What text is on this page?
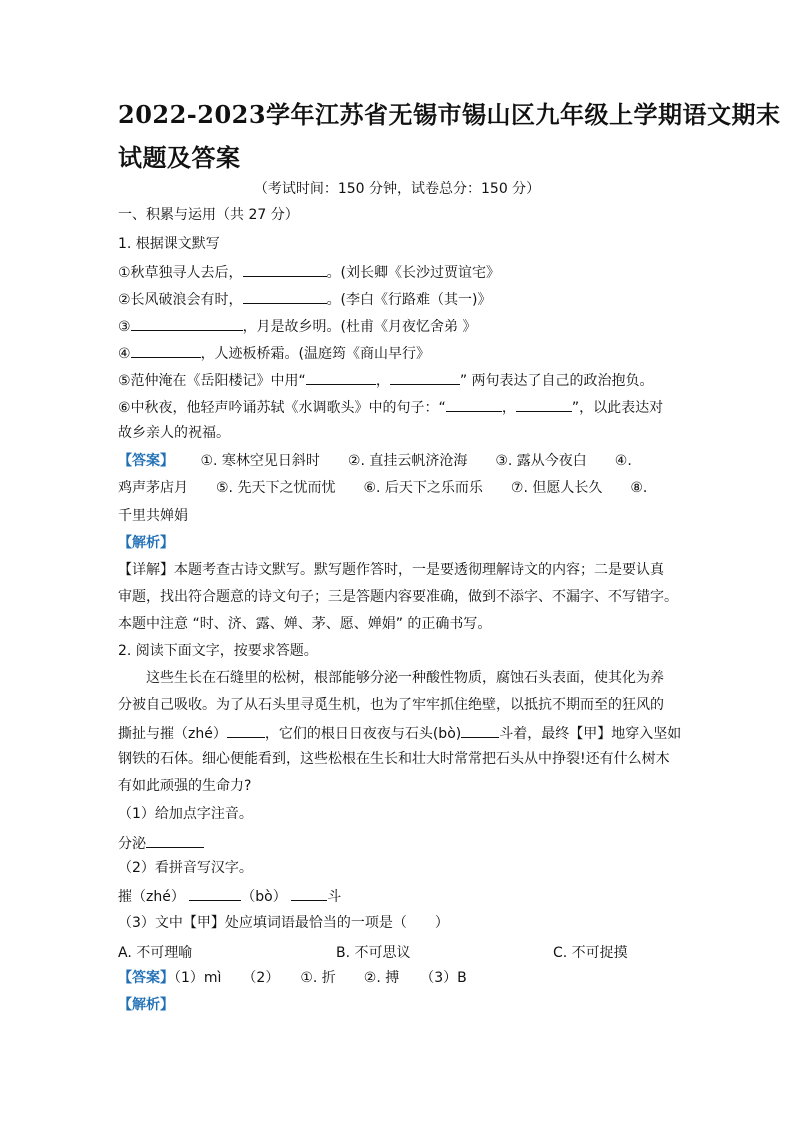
2022-2023学年江苏省无锡市锡山区九年级上学期语文期末
试题及答案
（考试时间：150 分钟，试卷总分：150 分）
一、积累与运用（共 27 分）
1. 根据课文默写
①秋草独寻人去后，	。(刘长卿《长沙过贾谊宅》
②长风破浪会有时，	。(李白《行路难（其一)》
③	，月是故乡明。(杜甫《月夜忆舍弟 》
④	，人迹板桥霜。(温庭筠《商山早行》
⑤范仲淹在《岳阳楼记》中用“	，	” 两句表达了自己的政治抱负。
⑥中秋夜，他轻声吟诵苏轼《水调歌头》中的句子：“	，	”，以此表达对
故乡亲人的祝福。
【答案】 ①. 寒林空见日斜时　　②. 直挂云帆济沧海　　③. 露从今夜白　　④.
鸡声茅店月　　⑤. 先天下之忧而忧　　⑥. 后天下之乐而乐　　⑦. 但愿人长久　　⑧.
千里共婵娟
【解析】
【详解】本题考查古诗文默写。默写题作答时，一是要透彻理解诗文的内容；二是要认真
审题，找出符合题意的诗文句子；三是答题内容要准确，做到不添字、不漏字、不写错字。
本题中注意 “时、济、露、婵、茅、愿、婵娟” 的正确书写。
2. 阅读下面文字，按要求答题。
这些生长在石缝里的松树，根部能够分泌一种酸性物质，腐蚀石头表面，使其化为养
分被自己吸收。为了从石头里寻觅生机，也为了牢牢抓住绝壁，以抵抗不期而至的狂风的
撕扯与摧（zhé）	，它们的根日日夜夜与石头(bò)	斗着，最终【甲】地穿入坚如
钢铁的石体。细心便能看到，这些松根在生长和壮大时常常把石头从中挣裂!还有什么树木
有如此顽强的生命力?
（1）给加点字注音。
分泌
（2）看拼音写汉字。
摧（zhé）	（bò）	斗
（3）文中【甲】处应填词语最恰当的一项是（　　）
A. 不可理喻	B. 不可思议	C. 不可捉摸
【答案】（1）mì　　（2）　　①. 折　　②. 搏　　（3）B
【解析】
